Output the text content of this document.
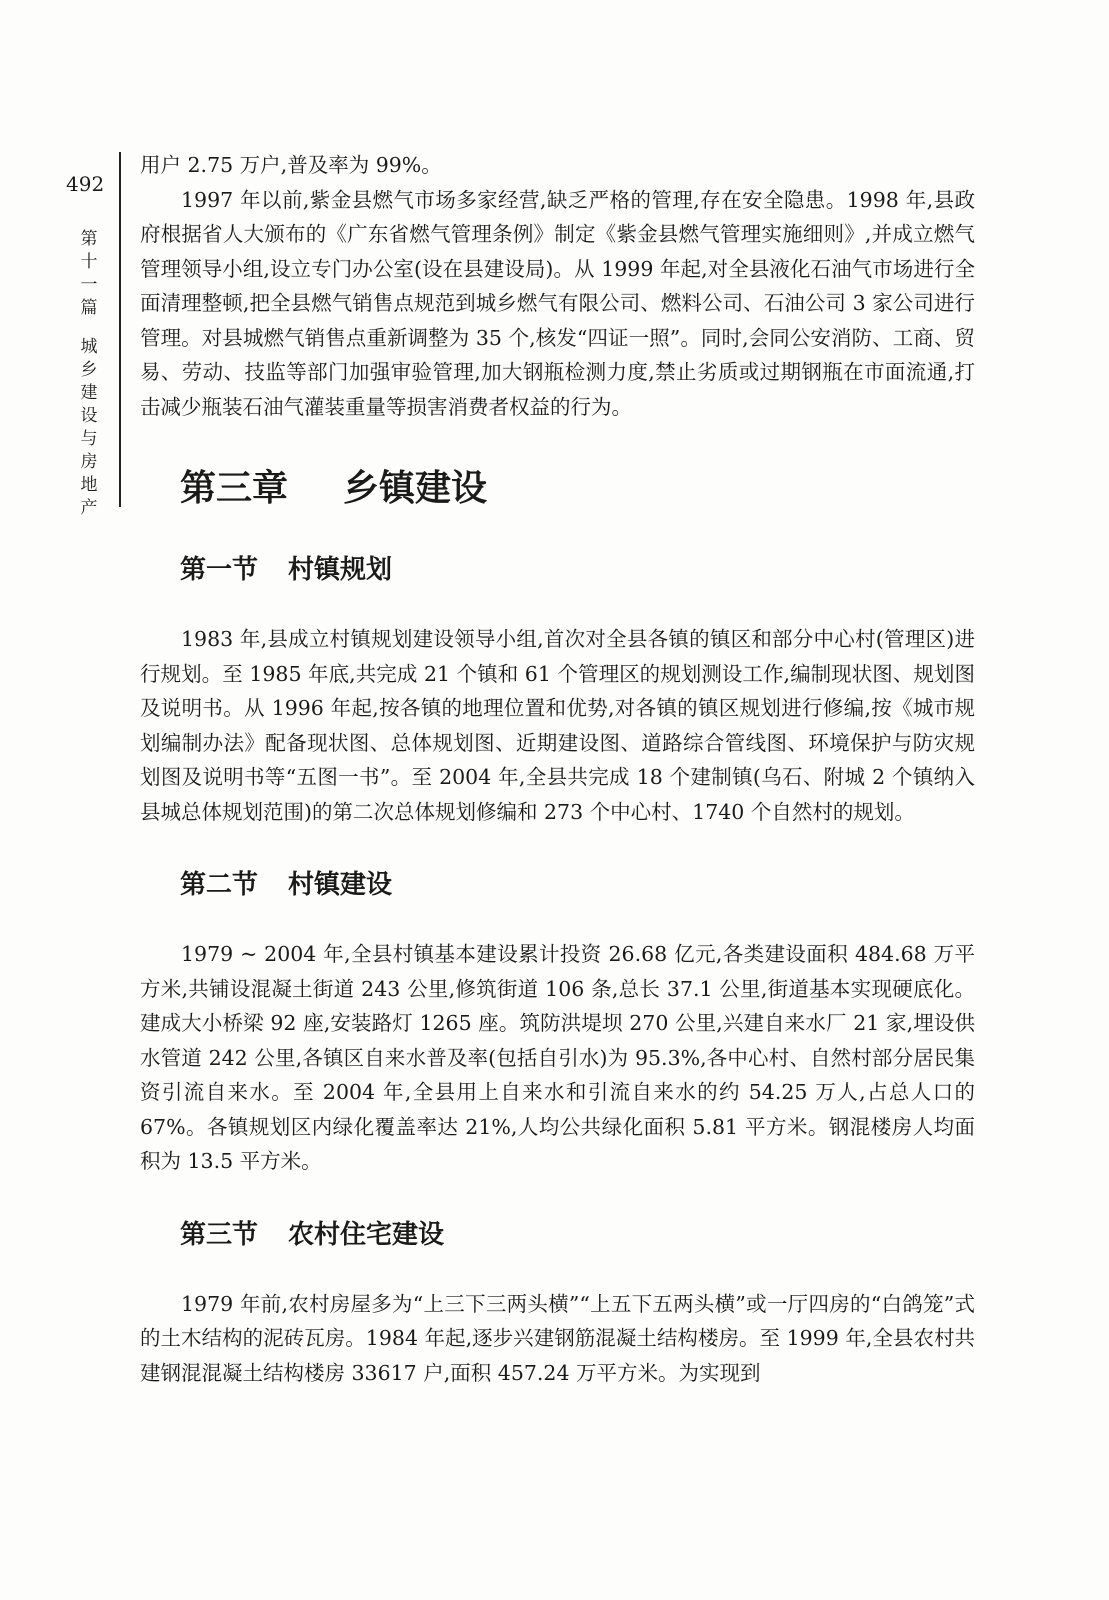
492
第
十
一
篇
城
乡
建
设
与
房
地
产

用户 2.75 万户,普及率为 99%。

1997 年以前,紫金县燃气市场多家经营,缺乏严格的管理,存在安全隐患。1998 年,县政府根据省人大颁布的《广东省燃气管理条例》制定《紫金县燃气管理实施细则》,并成立燃气管理领导小组,设立专门办公室(设在县建设局)。从 1999 年起,对全县液化石油气市场进行全面清理整顿,把全县燃气销售点规范到城乡燃气有限公司、燃料公司、石油公司 3 家公司进行管理。对县城燃气销售点重新调整为 35 个,核发“四证一照”。同时,会同公安消防、工商、贸易、劳动、技监等部门加强审验管理,加大钢瓶检测力度,禁止劣质或过期钢瓶在市面流通,打击减少瓶装石油气灌装重量等损害消费者权益的行为。

第三章 乡镇建设
第一节 村镇规划

1983 年,县成立村镇规划建设领导小组,首次对全县各镇的镇区和部分中心村(管理区)进行规划。至 1985 年底,共完成 21 个镇和 61 个管理区的规划测设工作,编制现状图、规划图及说明书。从 1996 年起,按各镇的地理位置和优势,对各镇的镇区规划进行修编,按《城市规划编制办法》配备现状图、总体规划图、近期建设图、道路综合管线图、环境保护与防灾规划图及说明书等“五图一书”。至 2004 年,全县共完成 18 个建制镇(乌石、附城 2 个镇纳入县城总体规划范围)的第二次总体规划修编和 273 个中心村、1740 个自然村的规划。

第二节 村镇建设

1979 ~ 2004 年,全县村镇基本建设累计投资 26.68 亿元,各类建设面积 484.68 万平方米,共铺设混凝土街道 243 公里,修筑街道 106 条,总长 37.1 公里,街道基本实现硬底化。建成大小桥梁 92 座,安装路灯 1265 座。筑防洪堤坝 270 公里,兴建自来水厂 21 家,埋设供水管道 242 公里,各镇区自来水普及率(包括自引水)为 95.3%,各中心村、自然村部分居民集资引流自来水。至 2004 年,全县用上自来水和引流自来水的约 54.25 万人,占总人口的 67%。各镇规划区内绿化覆盖率达 21%,人均公共绿化面积 5.81 平方米。钢混楼房人均面积为 13.5 平方米。

第三节 农村住宅建设

1979 年前,农村房屋多为“上三下三两头横”“上五下五两头横”或一厅四房的“白鸽笼”式的土木结构的泥砖瓦房。1984 年起,逐步兴建钢筋混凝土结构楼房。至 1999 年,全县农村共建钢混混凝土结构楼房 33617 户,面积 457.24 万平方米。为实现到
